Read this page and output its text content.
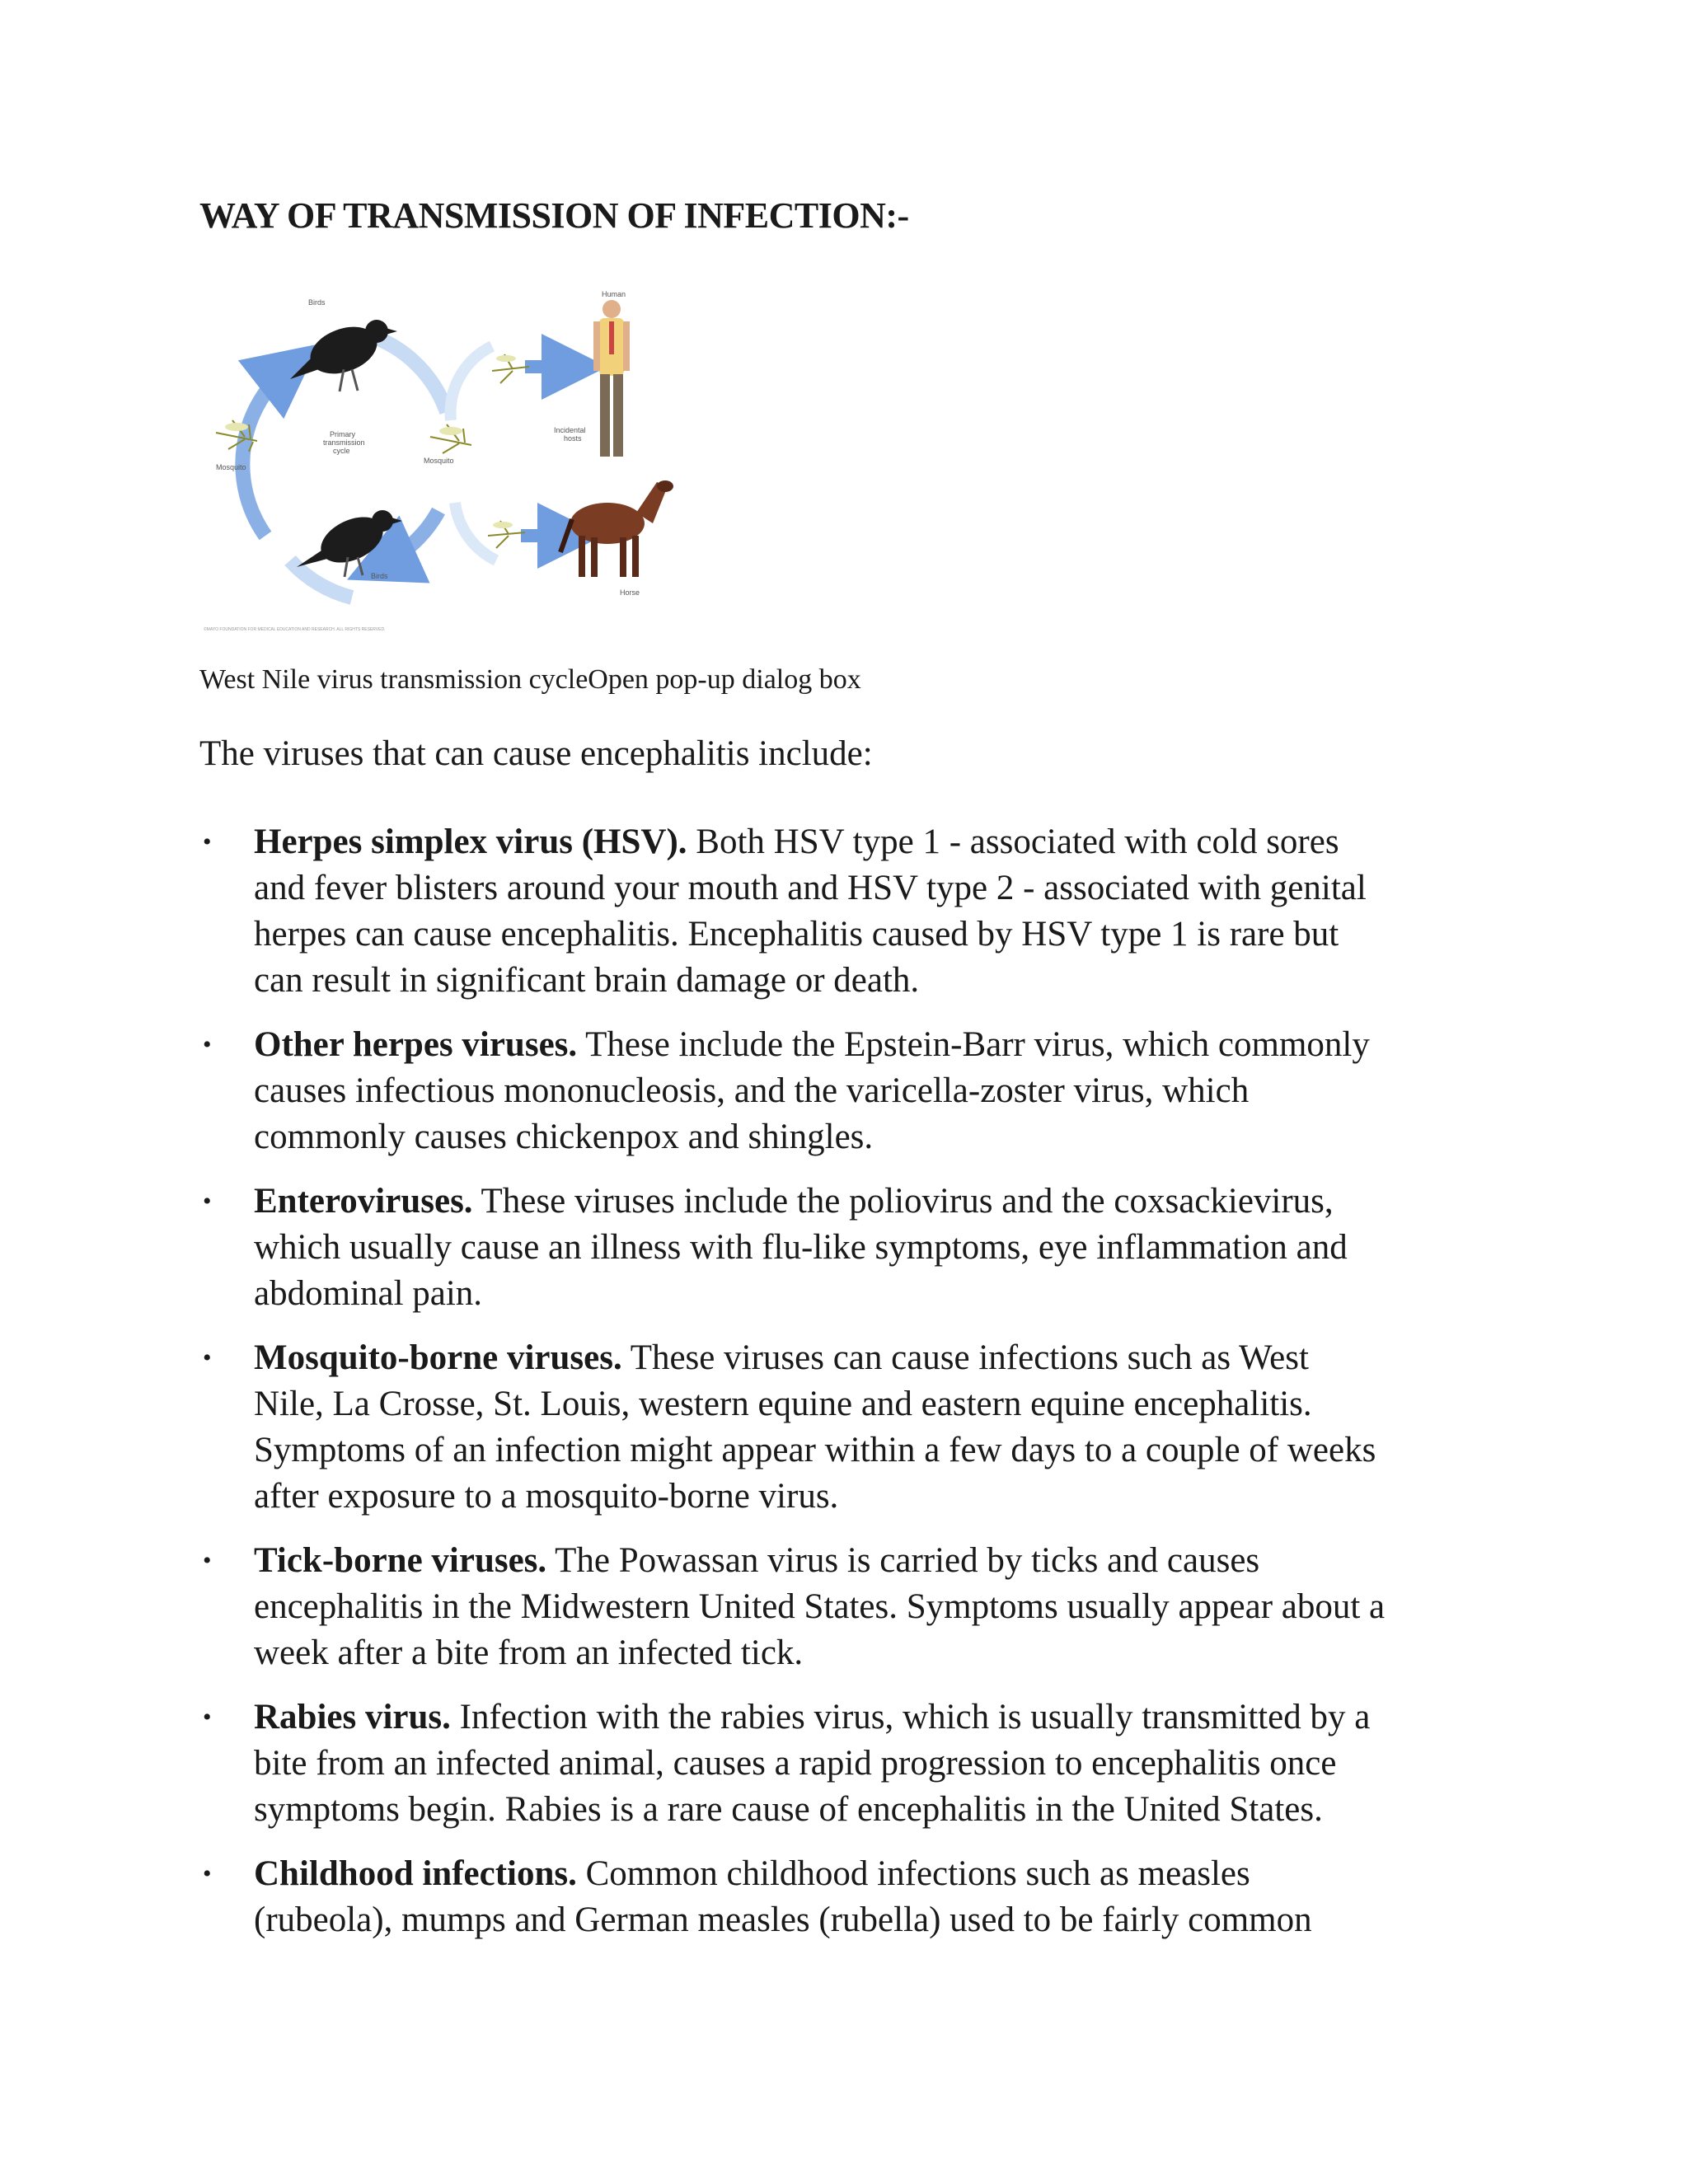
WAY OF TRANSMISSION OF INFECTION:-
Birds
Human
Primary
transmission
cycle
Incidental
hosts
Mosquito
Mosquito
Birds
Horse
©MAYO FOUNDATION FOR MEDICAL EDUCATION AND RESEARCH. ALL RIGHTS RESERVED.

West Nile virus transmission cycleOpen pop-up dialog box

The viruses that can cause encephalitis include:

• Herpes simplex virus (HSV). Both HSV type 1 - associated with cold sores
and fever blisters around your mouth and HSV type 2 - associated with genital
herpes can cause encephalitis. Encephalitis caused by HSV type 1 is rare but
can result in significant brain damage or death.
• Other herpes viruses. These include the Epstein-Barr virus, which commonly
causes infectious mononucleosis, and the varicella-zoster virus, which
commonly causes chickenpox and shingles.
• Enteroviruses. These viruses include the poliovirus and the coxsackievirus,
which usually cause an illness with flu-like symptoms, eye inflammation and
abdominal pain.
• Mosquito-borne viruses. These viruses can cause infections such as West
Nile, La Crosse, St. Louis, western equine and eastern equine encephalitis.
Symptoms of an infection might appear within a few days to a couple of weeks
after exposure to a mosquito-borne virus.
• Tick-borne viruses. The Powassan virus is carried by ticks and causes
encephalitis in the Midwestern United States. Symptoms usually appear about a
week after a bite from an infected tick.
• Rabies virus. Infection with the rabies virus, which is usually transmitted by a
bite from an infected animal, causes a rapid progression to encephalitis once
symptoms begin. Rabies is a rare cause of encephalitis in the United States.
• Childhood infections. Common childhood infections such as measles
(rubeola), mumps and German measles (rubella) used to be fairly common
